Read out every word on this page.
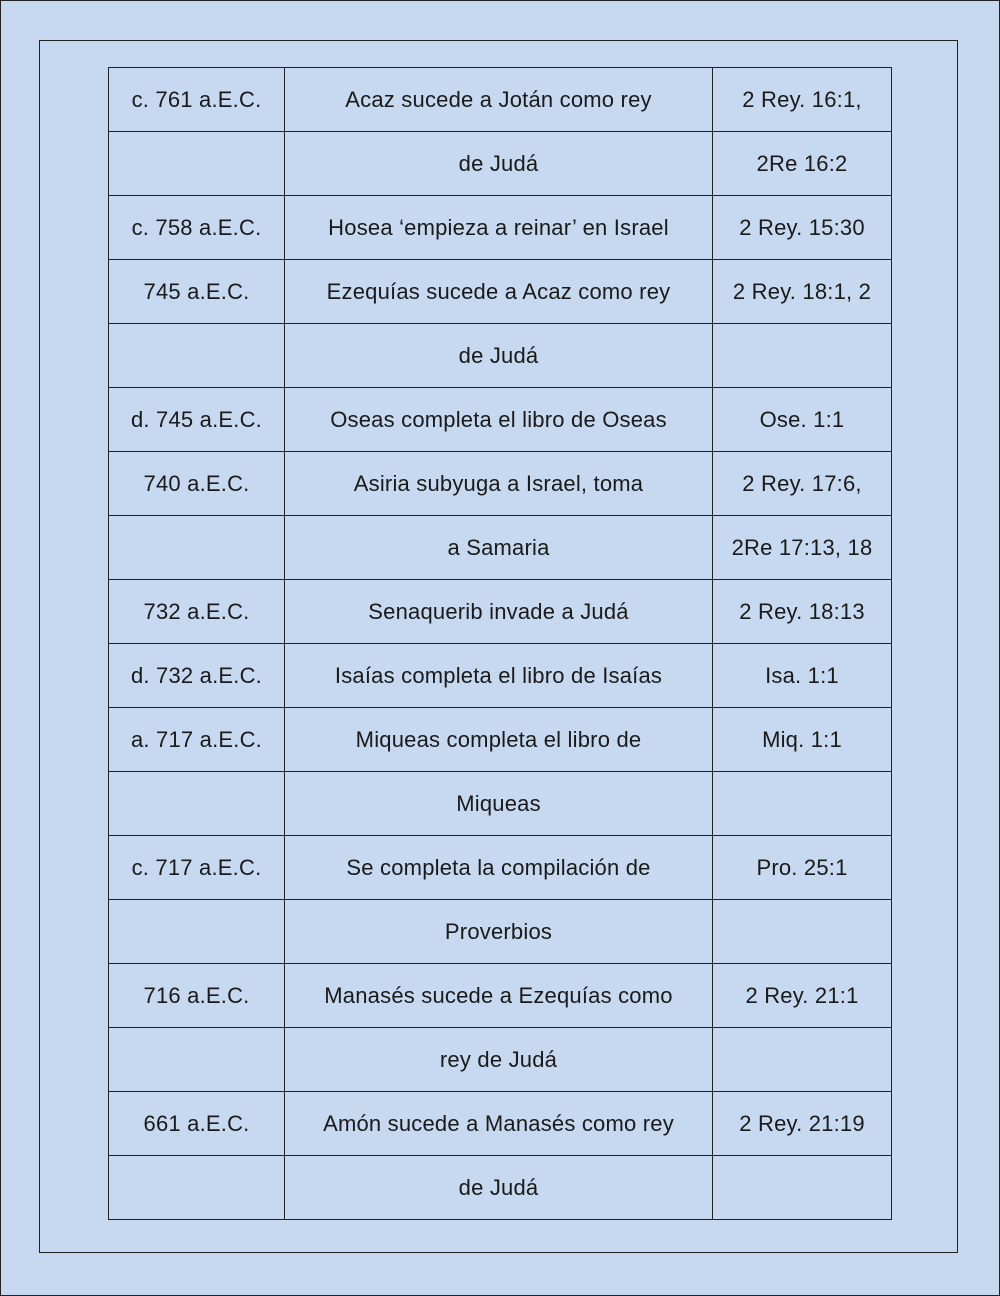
c. 761 a.E.C.	Acaz sucede a Jotán como rey	2 Rey. 16:1,
	de Judá	2Re 16:2
c. 758 a.E.C.	Hosea ‘empieza a reinar’ en Israel	2 Rey. 15:30
745 a.E.C.	Ezequías sucede a Acaz como rey	2 Rey. 18:1, 2
	de Judá	
d. 745 a.E.C.	Oseas completa el libro de Oseas	Ose. 1:1
740 a.E.C.	Asiria subyuga a Israel, toma	2 Rey. 17:6,
	a Samaria	2Re 17:13, 18
732 a.E.C.	Senaquerib invade a Judá	2 Rey. 18:13
d. 732 a.E.C.	Isaías completa el libro de Isaías	Isa. 1:1
a. 717 a.E.C.	Miqueas completa el libro de	Miq. 1:1
	Miqueas	
c. 717 a.E.C.	Se completa la compilación de	Pro. 25:1
	Proverbios	
716 a.E.C.	Manasés sucede a Ezequías como	2 Rey. 21:1
	rey de Judá	
661 a.E.C.	Amón sucede a Manasés como rey	2 Rey. 21:19
	de Judá	
